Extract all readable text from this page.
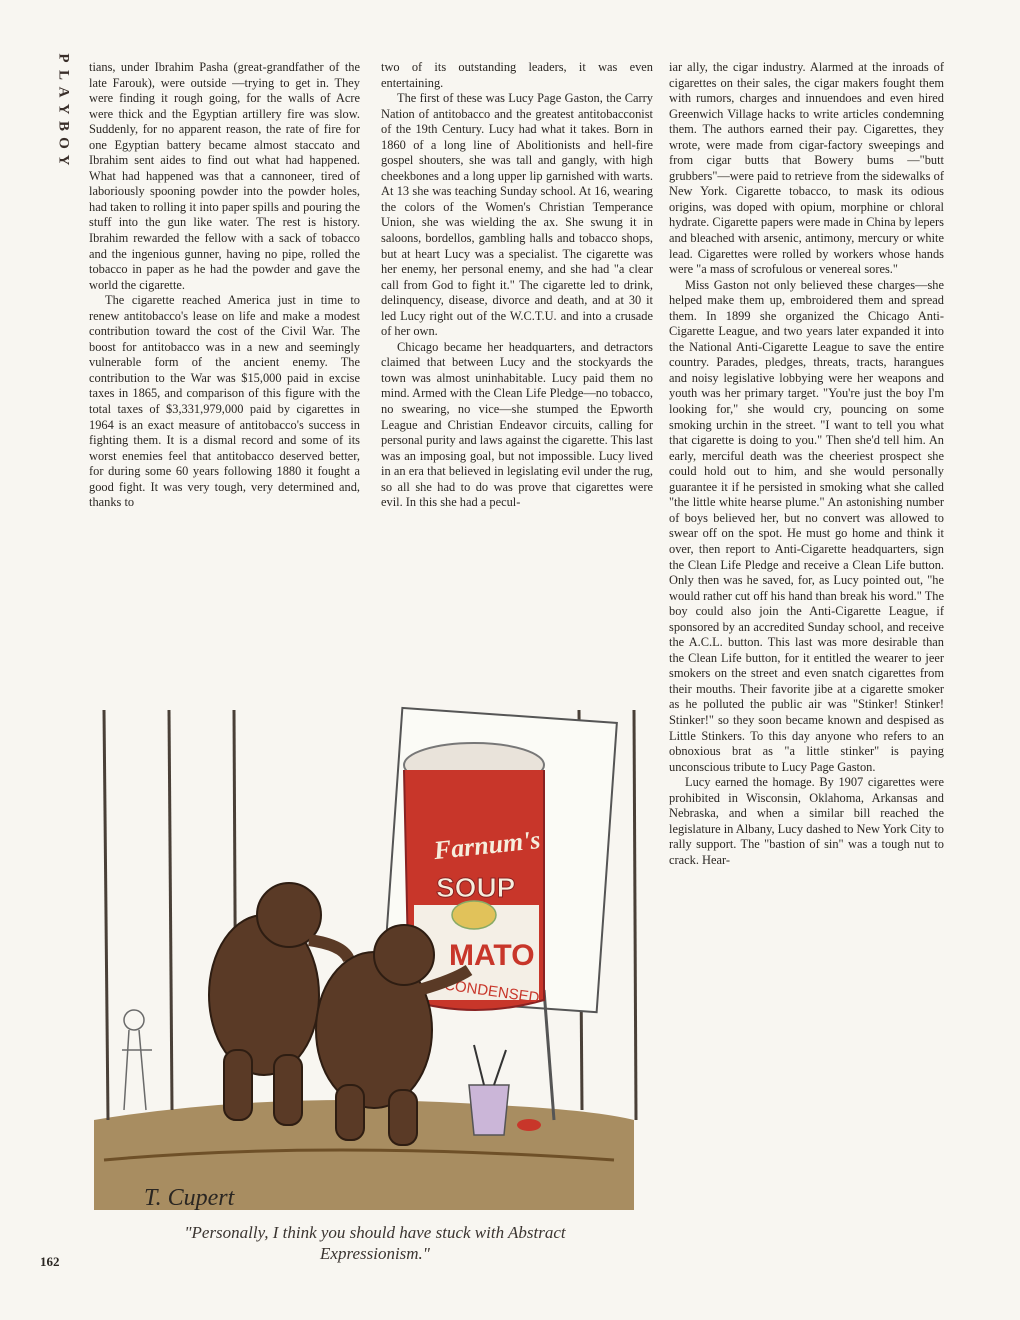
P
L
A
Y
B
O
Y

tians, under Ibrahim Pasha (great-grandfather of the late Farouk), were outside —trying to get in. They were finding it rough going, for the walls of Acre were thick and the Egyptian artillery fire was slow. Suddenly, for no apparent reason, the rate of fire for one Egyptian battery became almost staccato and Ibrahim sent aides to find out what had happened. What had happened was that a cannoneer, tired of laboriously spooning powder into the powder holes, had taken to rolling it into paper spills and pouring the stuff into the gun like water. The rest is history. Ibrahim rewarded the fellow with a sack of tobacco and the ingenious gunner, having no pipe, rolled the tobacco in paper as he had the powder and gave the world the cigarette.

The cigarette reached America just in time to renew antitobacco's lease on life and make a modest contribution toward the cost of the Civil War. The boost for antitobacco was in a new and seemingly vulnerable form of the ancient enemy. The contribution to the War was $15,000 paid in excise taxes in 1865, and comparison of this figure with the total taxes of $3,331,979,000 paid by cigarettes in 1964 is an exact measure of antitobacco's success in fighting them. It is a dismal record and some of its worst enemies feel that antitobacco deserved better, for during some 60 years following 1880 it fought a good fight. It was very tough, very determined and, thanks to

two of its outstanding leaders, it was even entertaining.

The first of these was Lucy Page Gaston, the Carry Nation of antitobacco and the greatest antitobacconist of the 19th Century. Lucy had what it takes. Born in 1860 of a long line of Abolitionists and hell-fire gospel shouters, she was tall and gangly, with high cheekbones and a long upper lip garnished with warts. At 13 she was teaching Sunday school. At 16, wearing the colors of the Women's Christian Temperance Union, she was wielding the ax. She swung it in saloons, bordellos, gambling halls and tobacco shops, but at heart Lucy was a specialist. The cigarette was her enemy, her personal enemy, and she had "a clear call from God to fight it." The cigarette led to drink, delinquency, disease, divorce and death, and at 30 it led Lucy right out of the W.C.T.U. and into a crusade of her own.

Chicago became her headquarters, and detractors claimed that between Lucy and the stockyards the town was almost uninhabitable. Lucy paid them no mind. Armed with the Clean Life Pledge—no tobacco, no swearing, no vice—she stumped the Epworth League and Christian Endeavor circuits, calling for personal purity and laws against the cigarette. This last was an imposing goal, but not impossible. Lucy lived in an era that believed in legislating evil under the rug, so all she had to do was prove that cigarettes were evil. In this she had a pecul-

iar ally, the cigar industry. Alarmed at the inroads of cigarettes on their sales, the cigar makers fought them with rumors, charges and innuendoes and even hired Greenwich Village hacks to write articles condemning them. The authors earned their pay. Cigarettes, they wrote, were made from cigar-factory sweepings and from cigar butts that Bowery bums —"butt grubbers"—were paid to retrieve from the sidewalks of New York. Cigarette tobacco, to mask its odious origins, was doped with opium, morphine or chloral hydrate. Cigarette papers were made in China by lepers and bleached with arsenic, antimony, mercury or white lead. Cigarettes were rolled by workers whose hands were "a mass of scrofulous or venereal sores."

Miss Gaston not only believed these charges—she helped make them up, embroidered them and spread them. In 1899 she organized the Chicago Anti-Cigarette League, and two years later expanded it into the National Anti-Cigarette League to save the entire country. Parades, pledges, threats, tracts, harangues and noisy legislative lobbying were her weapons and youth was her primary target. "You're just the boy I'm looking for," she would cry, pouncing on some smoking urchin in the street. "I want to tell you what that cigarette is doing to you." Then she'd tell him. An early, merciful death was the cheeriest prospect she could hold out to him, and she would personally guarantee it if he persisted in smoking what she called "the little white hearse plume." An astonishing number of boys believed her, but no convert was allowed to swear off on the spot. He must go home and think it over, then report to Anti-Cigarette headquarters, sign the Clean Life Pledge and receive a Clean Life button. Only then was he saved, for, as Lucy pointed out, "he would rather cut off his hand than break his word." The boy could also join the Anti-Cigarette League, if sponsored by an accredited Sunday school, and receive the A.C.L. button. This last was more desirable than the Clean Life button, for it entitled the wearer to jeer smokers on the street and even snatch cigarettes from their mouths. Their favorite jibe at a cigarette smoker as he polluted the public air was "Stinker! Stinker! Stinker!" so they soon became known and despised as Little Stinkers. To this day anyone who refers to an obnoxious brat as "a little stinker" is paying unconscious tribute to Lucy Page Gaston.

Lucy earned the homage. By 1907 cigarettes were prohibited in Wisconsin, Oklahoma, Arkansas and Nebraska, and when a similar bill reached the legislature in Albany, Lucy dashed to New York City to rally support. The "bastion of sin" was a tough nut to crack. Hear-

Farnum's
SOUP
MATO
CONDENSED
T. Cupert
"Personally, I think you should have stuck with Abstract Expressionism."
162
